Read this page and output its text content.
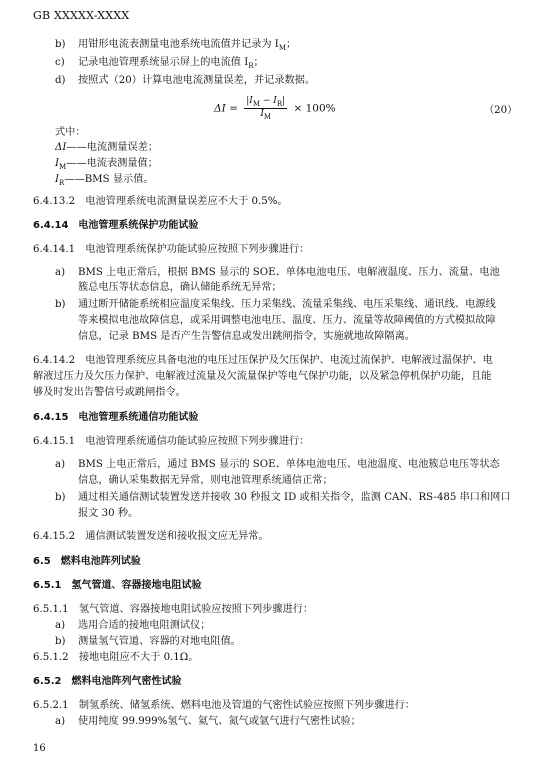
GB XXXXX-XXXX
b) 用钳形电流表测量电池系统电流值并记录为 $I_M$；
c) 记录电池管理系统显示屏上的电流值 $I_R$；
d) 按照式（20）计算电池电流测量误差，并记录数据。
$\Delta I = \frac{|I_M - I_R|}{I_M} \times 100\%$	（20）
式中：
ΔI——电流测量误差；
$I_M——$电流表测量值；
$I_R——BMS$ 显示值。
6.4.13.2　电池管理系统电流测量误差应不大于 0.5%。
6.4.14　电池管理系统保护功能试验
6.4.14.1　电池管理系统保护功能试验应按照下列步骤进行：
a) BMS 上电正常后，根据 BMS 显示的 SOE、单体电池电压、电解液温度、压力、流量、电池
簇总电压等状态信息，确认储能系统无异常；
b) 通过断开储能系统相应温度采集线、压力采集线、流量采集线、电压采集线、通讯线、电源线
等来模拟电池故障信息，或采用调整电池电压、温度、压力、流量等故障阈值的方式模拟故障
信息，记录 BMS 是否产生告警信息或发出跳闸指令，实施就地故障隔离。
6.4.14.2　电池管理系统应具备电池的电压过压保护及欠压保护、电流过流保护、电解液过温保护、电
解液过压力及欠压力保护、电解液过流量及欠流量保护等电气保护功能，以及紧急停机保护功能，且能
够及时发出告警信号或跳闸指令。
6.4.15　电池管理系统通信功能试验
6.4.15.1　电池管理系统通信功能试验应按照下列步骤进行：
a) BMS 上电正常后，通过 BMS 显示的 SOE、单体电池电压、电池温度、电池簇总电压等状态
信息，确认采集数据无异常，则电池管理系统通信正常；
b) 通过相关通信测试装置发送并接收 30 秒报文 ID 或相关指令，监测 CAN、RS-485 串口和网口
报文 30 秒。
6.4.15.2　通信测试装置发送和接收报文应无异常。
6.5　燃料电池阵列试验
6.5.1　氢气管道、容器接地电阻试验
6.5.1.1　氢气管道、容器接地电阻试验应按照下列步骤进行：
a) 选用合适的接地电阻测试仪；
b) 测量氢气管道、容器的对地电阻值。
6.5.1.2　接地电阻应不大于 0.1Ω。
6.5.2　燃料电池阵列气密性试验
6.5.2.1　制氢系统、储氢系统、燃料电池及管道的气密性试验应按照下列步骤进行：
a) 使用纯度 99.999%氢气、氦气、氮气或氩气进行气密性试验；
16
